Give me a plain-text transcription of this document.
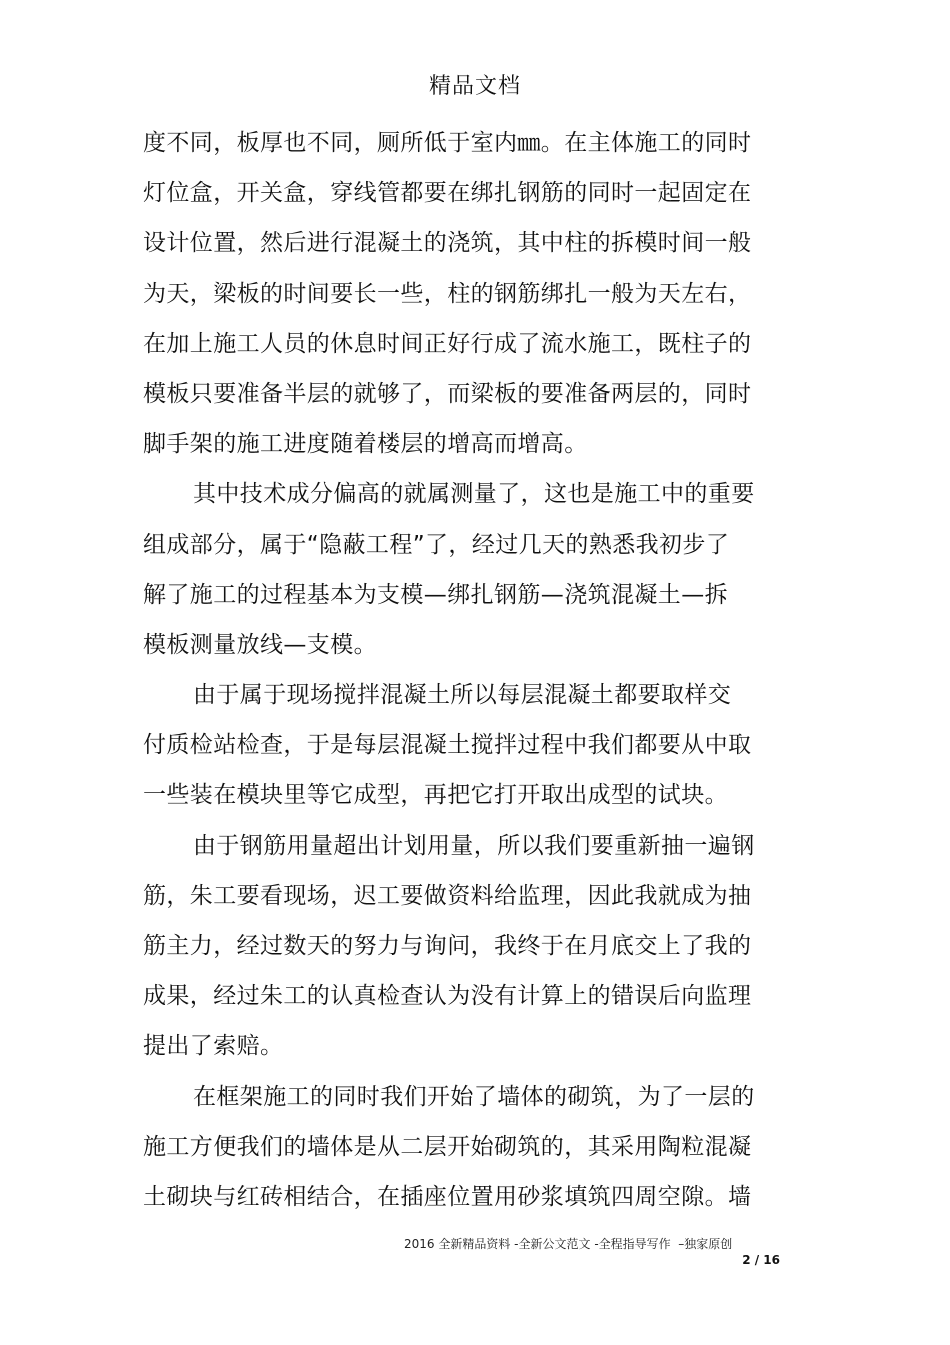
精品文档
度不同，板厚也不同，厕所低于室内㎜。在主体施工的同时
灯位盒，开关盒，穿线管都要在绑扎钢筋的同时一起固定在
设计位置，然后进行混凝土的浇筑，其中柱的拆模时间一般
为天，梁板的时间要长一些，柱的钢筋绑扎一般为天左右，
在加上施工人员的休息时间正好行成了流水施工，既柱子的
模板只要准备半层的就够了，而梁板的要准备两层的，同时
脚手架的施工进度随着楼层的增高而增高。
其中技术成分偏高的就属测量了，这也是施工中的重要
组成部分，属于“隐蔽工程”了，经过几天的熟悉我初步了
解了施工的过程基本为支模—绑扎钢筋—浇筑混凝土—拆
模板测量放线—支模。
由于属于现场搅拌混凝土所以每层混凝土都要取样交
付质检站检查，于是每层混凝土搅拌过程中我们都要从中取
一些装在模块里等它成型，再把它打开取出成型的试块。
由于钢筋用量超出计划用量，所以我们要重新抽一遍钢
筋，朱工要看现场，迟工要做资料给监理，因此我就成为抽
筋主力，经过数天的努力与询问，我终于在月底交上了我的
成果，经过朱工的认真检查认为没有计算上的错误后向监理
提出了索赔。
在框架施工的同时我们开始了墙体的砌筑，为了一层的
施工方便我们的墙体是从二层开始砌筑的，其采用陶粒混凝
土砌块与红砖相结合，在插座位置用砂浆填筑四周空隙。墙
2016 全新精品资料 -全新公文范文 -全程指导写作  –独家原创
2 / 16
